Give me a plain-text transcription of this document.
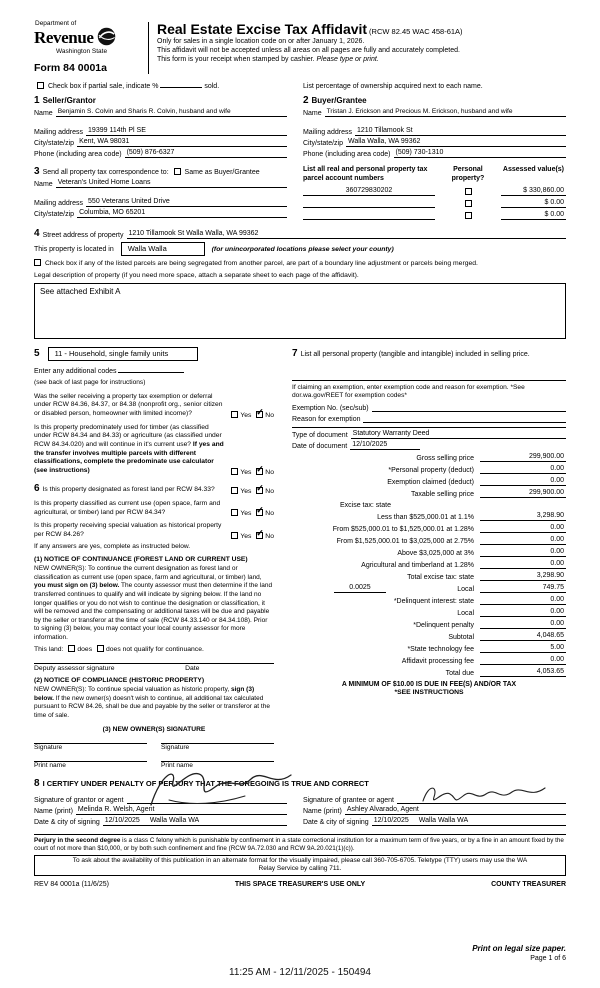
Department of
Revenue
Washington State
Form 84 0001a
Real Estate Excise Tax Affidavit (RCW 82.45 WAC 458-61A)
Only for sales in a single location code on or after January 1, 2026.
This affidavit will not be accepted unless all areas on all pages are fully and accurately completed.
This form is your receipt when stamped by cashier. Please type or print.
Check box if partial sale, indicate %	sold.	List percentage of ownership acquired next to each name.
1 Seller/Grantor
Name Benjamin S. Colvin and Sharis R. Colvin, husband and wife
Mailing address 19399 114th Pl SE
City/state/zip Kent, WA 98031
Phone (including area code) (509) 876-6327
2 Buyer/Grantee
Name Tristan J. Erickson and Precious M. Erickson, husband and wife
Mailing address 1210 Tillamook St
City/state/zip Walla Walla, WA 99362
Phone (including area code) (509) 730-1310
3 Send all property tax correspondence to: Same as Buyer/Grantee
Name Veteran's United Home Loans
Mailing address 550 Veterans United Drive
City/state/zip Columbia, MO 65201
List all real and personal property tax parcel account numbers
Personal property?
Assessed value(s)
360729830202	$ 330,860.00
$ 0.00
$ 0.00
4 Street address of property 1210 Tillamook St Walla Walla, WA 99362
This property is located in Walla Walla	(for unincorporated locations please select your county)
Check box if any of the listed parcels are being segregated from another parcel, are part of a boundary line adjustment or parcels being merged.
Legal description of property (if you need more space, attach a separate sheet to each page of the affidavit).
See attached Exhibit A
5	11 - Household, single family units
Enter any additional codes
(see back of last page for instructions)
Was the seller receiving a property tax exemption or deferral under RCW 84.36, 84.37, or 84.38 (nonprofit org., senior citizen or disabled person, homeowner with limited income)?	Yes ✓ No
Is this property predominately used for timber (as classified under RCW 84.34 and 84.33) or agriculture (as classified under RCW 84.34.020) and will continue in it's current use? If yes and the transfer involves multiple parcels with different classifications, complete the predominate use calculator (see instructions)	Yes ✓ No
6 Is this property designated as forest land per RCW 84.33?	Yes ✓ No
Is this property classified as current use (open space, farm and agricultural, or timber) land per RCW 84.34?	Yes ✓ No
Is this property receiving special valuation as historical property per RCW 84.26?	Yes ✓ No
If any answers are yes, complete as instructed below.
(1) NOTICE OF CONTINUANCE (FOREST LAND OR CURRENT USE)
NEW OWNER(S): To continue the current designation as forest land or classification as current use (open space, farm and agricultural, or timber) land, you must sign on (3) below. The county assessor must then determine if the land transferred continues to qualify and will indicate by signing below. If the land no longer qualifies or you do not wish to continue the designation or classification, it will be removed and the compensating or additional taxes will be due and payable by the seller or transferor at the time of sale (RCW 84.33.140 or 84.34.108). Prior to signing (3) below, you may contact your local county assessor for more information.
This land: does does not qualify for continuance.
Deputy assessor signature	Date
(2) NOTICE OF COMPLIANCE (HISTORIC PROPERTY)
NEW OWNER(S): To continue special valuation as historic property, sign (3) below. If the new owner(s) doesn't wish to continue, all additional tax calculated pursuant to RCW 84.26, shall be due and payable by the seller or transferor at the time of sale.
(3) NEW OWNER(S) SIGNATURE
Signature	Signature
Print name	Print name
7 List all personal property (tangible and intangible) included in selling price.
If claiming an exemption, enter exemption code and reason for exemption. *See dor.wa.gov/REET for exemption codes*
Exemption No. (sec/sub)
Reason for exemption
Type of document Statutory Warranty Deed
Date of document 12/10/2025
Gross selling price	299,900.00
*Personal property (deduct)	0.00
Exemption claimed (deduct)	0.00
Taxable selling price	299,900.00
Excise tax: state
Less than $525,000.01 at 1.1%	3,298.90
From $525,000.01 to $1,525,000.01 at 1.28%	0.00
From $1,525,000.01 to $3,025,000 at 2.75%	0.00
Above $3,025,000 at 3%	0.00
Agricultural and timberland at 1.28%	0.00
Total excise tax: state	3,298.90
0.0025	Local	749.75
*Delinquent interest: state	0.00
Local	0.00
*Delinquent penalty	0.00
Subtotal	4,048.65
*State technology fee	5.00
Affidavit processing fee	0.00
Total due	4,053.65
A MINIMUM OF $10.00 IS DUE IN FEE(S) AND/OR TAX
*SEE INSTRUCTIONS
8 I CERTIFY UNDER PENALTY OF PERJURY THAT THE FOREGOING IS TRUE AND CORRECT
Signature of grantor or agent
Name (print) Melinda R. Welsh, Agent
Date & city of signing 12/10/2025 Walla Walla WA
Signature of grantee or agent
Name (print) Ashley Alvarado, Agent
Date & city of signing 12/10/2025 Walla Walla WA
Perjury in the second degree is a class C felony which is punishable by confinement in a state correctional institution for a maximum term of five years, or by a fine in an amount fixed by the court of not more than $10,000, or by both such confinement and fine (RCW 9A.72.030 and RCW 9A.20.021(1)(c)).
To ask about the availability of this publication in an alternate format for the visually impaired, please call 360-705-6705. Teletype (TTY) users may use the WA Relay Service by calling 711.
REV 84 0001a (11/6/25)	THIS SPACE TREASURER'S USE ONLY	COUNTY TREASURER
Print on legal size paper.
Page 1 of 6
11:25 AM - 12/11/2025 - 150494
